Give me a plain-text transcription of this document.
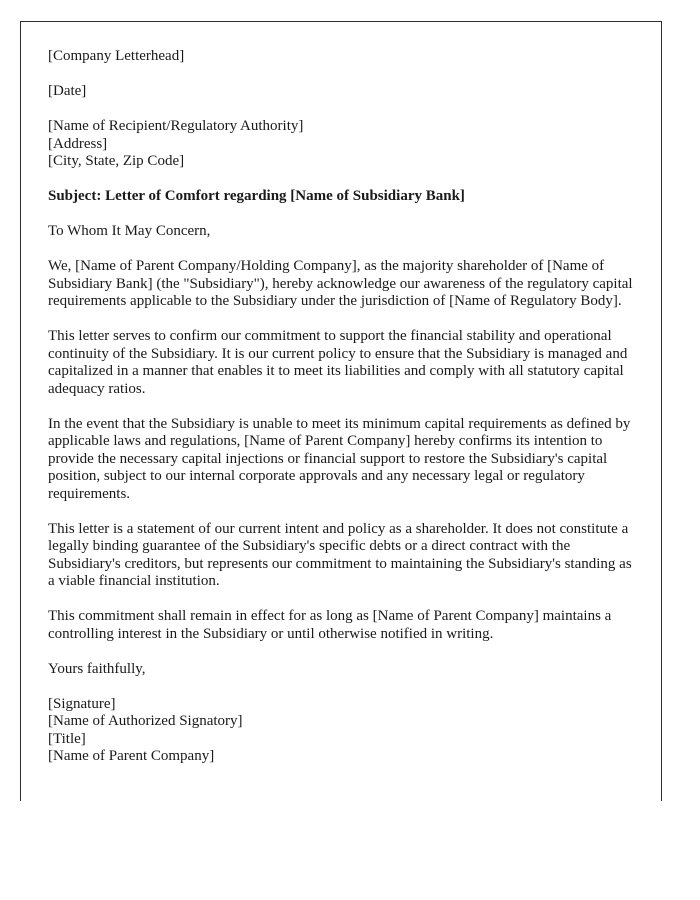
[Company Letterhead]

[Date]

[Name of Recipient/Regulatory Authority]
[Address]
[City, State, Zip Code]

Subject: Letter of Comfort regarding [Name of Subsidiary Bank]

To Whom It May Concern,

We, [Name of Parent Company/Holding Company], as the majority shareholder of [Name of Subsidiary Bank] (the "Subsidiary"), hereby acknowledge our awareness of the regulatory capital requirements applicable to the Subsidiary under the jurisdiction of [Name of Regulatory Body].

This letter serves to confirm our commitment to support the financial stability and operational continuity of the Subsidiary. It is our current policy to ensure that the Subsidiary is managed and capitalized in a manner that enables it to meet its liabilities and comply with all statutory capital adequacy ratios.

In the event that the Subsidiary is unable to meet its minimum capital requirements as defined by applicable laws and regulations, [Name of Parent Company] hereby confirms its intention to provide the necessary capital injections or financial support to restore the Subsidiary's capital position, subject to our internal corporate approvals and any necessary legal or regulatory requirements.

This letter is a statement of our current intent and policy as a shareholder. It does not constitute a legally binding guarantee of the Subsidiary's specific debts or a direct contract with the Subsidiary's creditors, but represents our commitment to maintaining the Subsidiary's standing as a viable financial institution.

This commitment shall remain in effect for as long as [Name of Parent Company] maintains a controlling interest in the Subsidiary or until otherwise notified in writing.

Yours faithfully,

[Signature]
[Name of Authorized Signatory]
[Title]
[Name of Parent Company]
